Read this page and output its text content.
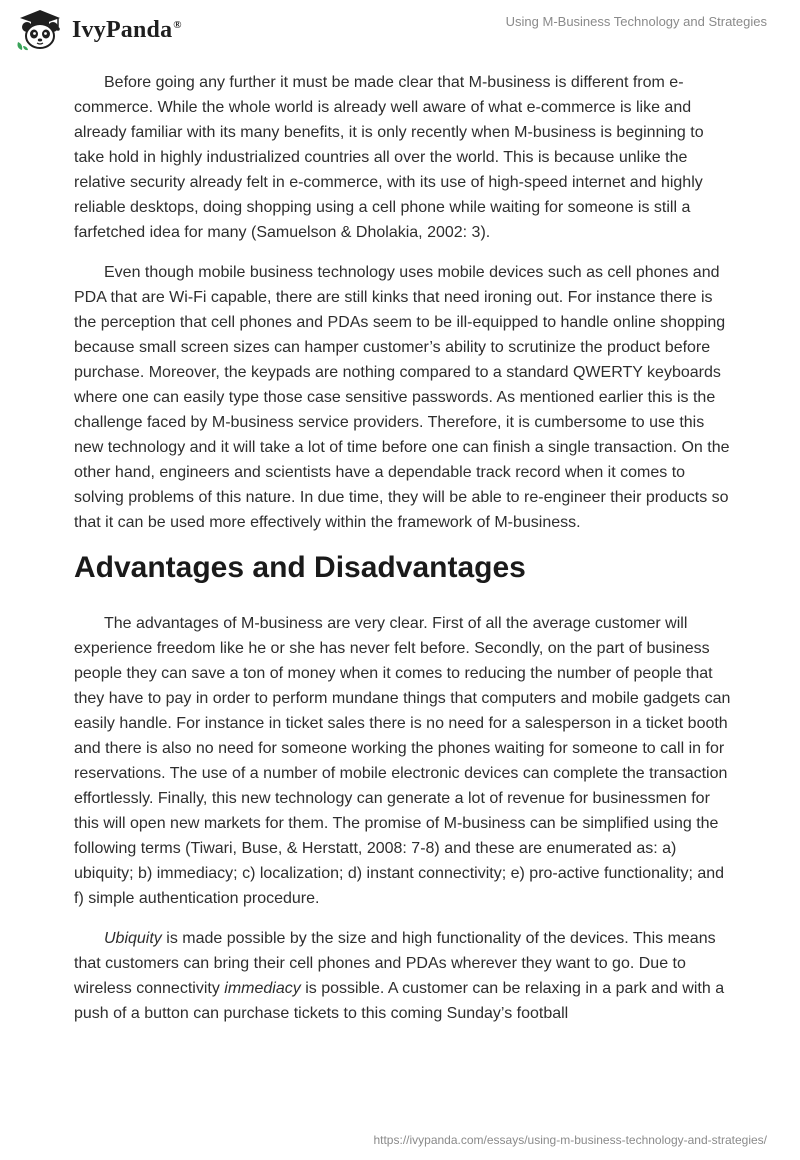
IvyPanda®	Using M-Business Technology and Strategies

Before going any further it must be made clear that M-business is different from e-commerce. While the whole world is already well aware of what e-commerce is like and already familiar with its many benefits, it is only recently when M-business is beginning to take hold in highly industrialized countries all over the world. This is because unlike the relative security already felt in e-commerce, with its use of high-speed internet and highly reliable desktops, doing shopping using a cell phone while waiting for someone is still a farfetched idea for many (Samuelson & Dholakia, 2002: 3).

Even though mobile business technology uses mobile devices such as cell phones and PDA that are Wi-Fi capable, there are still kinks that need ironing out. For instance there is the perception that cell phones and PDAs seem to be ill-equipped to handle online shopping because small screen sizes can hamper customer’s ability to scrutinize the product before purchase. Moreover, the keypads are nothing compared to a standard QWERTY keyboards where one can easily type those case sensitive passwords. As mentioned earlier this is the challenge faced by M-business service providers. Therefore, it is cumbersome to use this new technology and it will take a lot of time before one can finish a single transaction. On the other hand, engineers and scientists have a dependable track record when it comes to solving problems of this nature. In due time, they will be able to re-engineer their products so that it can be used more effectively within the framework of M-business.

Advantages and Disadvantages

The advantages of M-business are very clear. First of all the average customer will experience freedom like he or she has never felt before. Secondly, on the part of business people they can save a ton of money when it comes to reducing the number of people that they have to pay in order to perform mundane things that computers and mobile gadgets can easily handle. For instance in ticket sales there is no need for a salesperson in a ticket booth and there is also no need for someone working the phones waiting for someone to call in for reservations. The use of a number of mobile electronic devices can complete the transaction effortlessly. Finally, this new technology can generate a lot of revenue for businessmen for this will open new markets for them. The promise of M-business can be simplified using the following terms (Tiwari, Buse, & Herstatt, 2008: 7-8) and these are enumerated as: a) ubiquity; b) immediacy; c) localization; d) instant connectivity; e) pro-active functionality; and f) simple authentication procedure.

Ubiquity is made possible by the size and high functionality of the devices. This means that customers can bring their cell phones and PDAs wherever they want to go. Due to wireless connectivity immediacy is possible. A customer can be relaxing in a park and with a push of a button can purchase tickets to this coming Sunday’s football

https://ivypanda.com/essays/using-m-business-technology-and-strategies/
